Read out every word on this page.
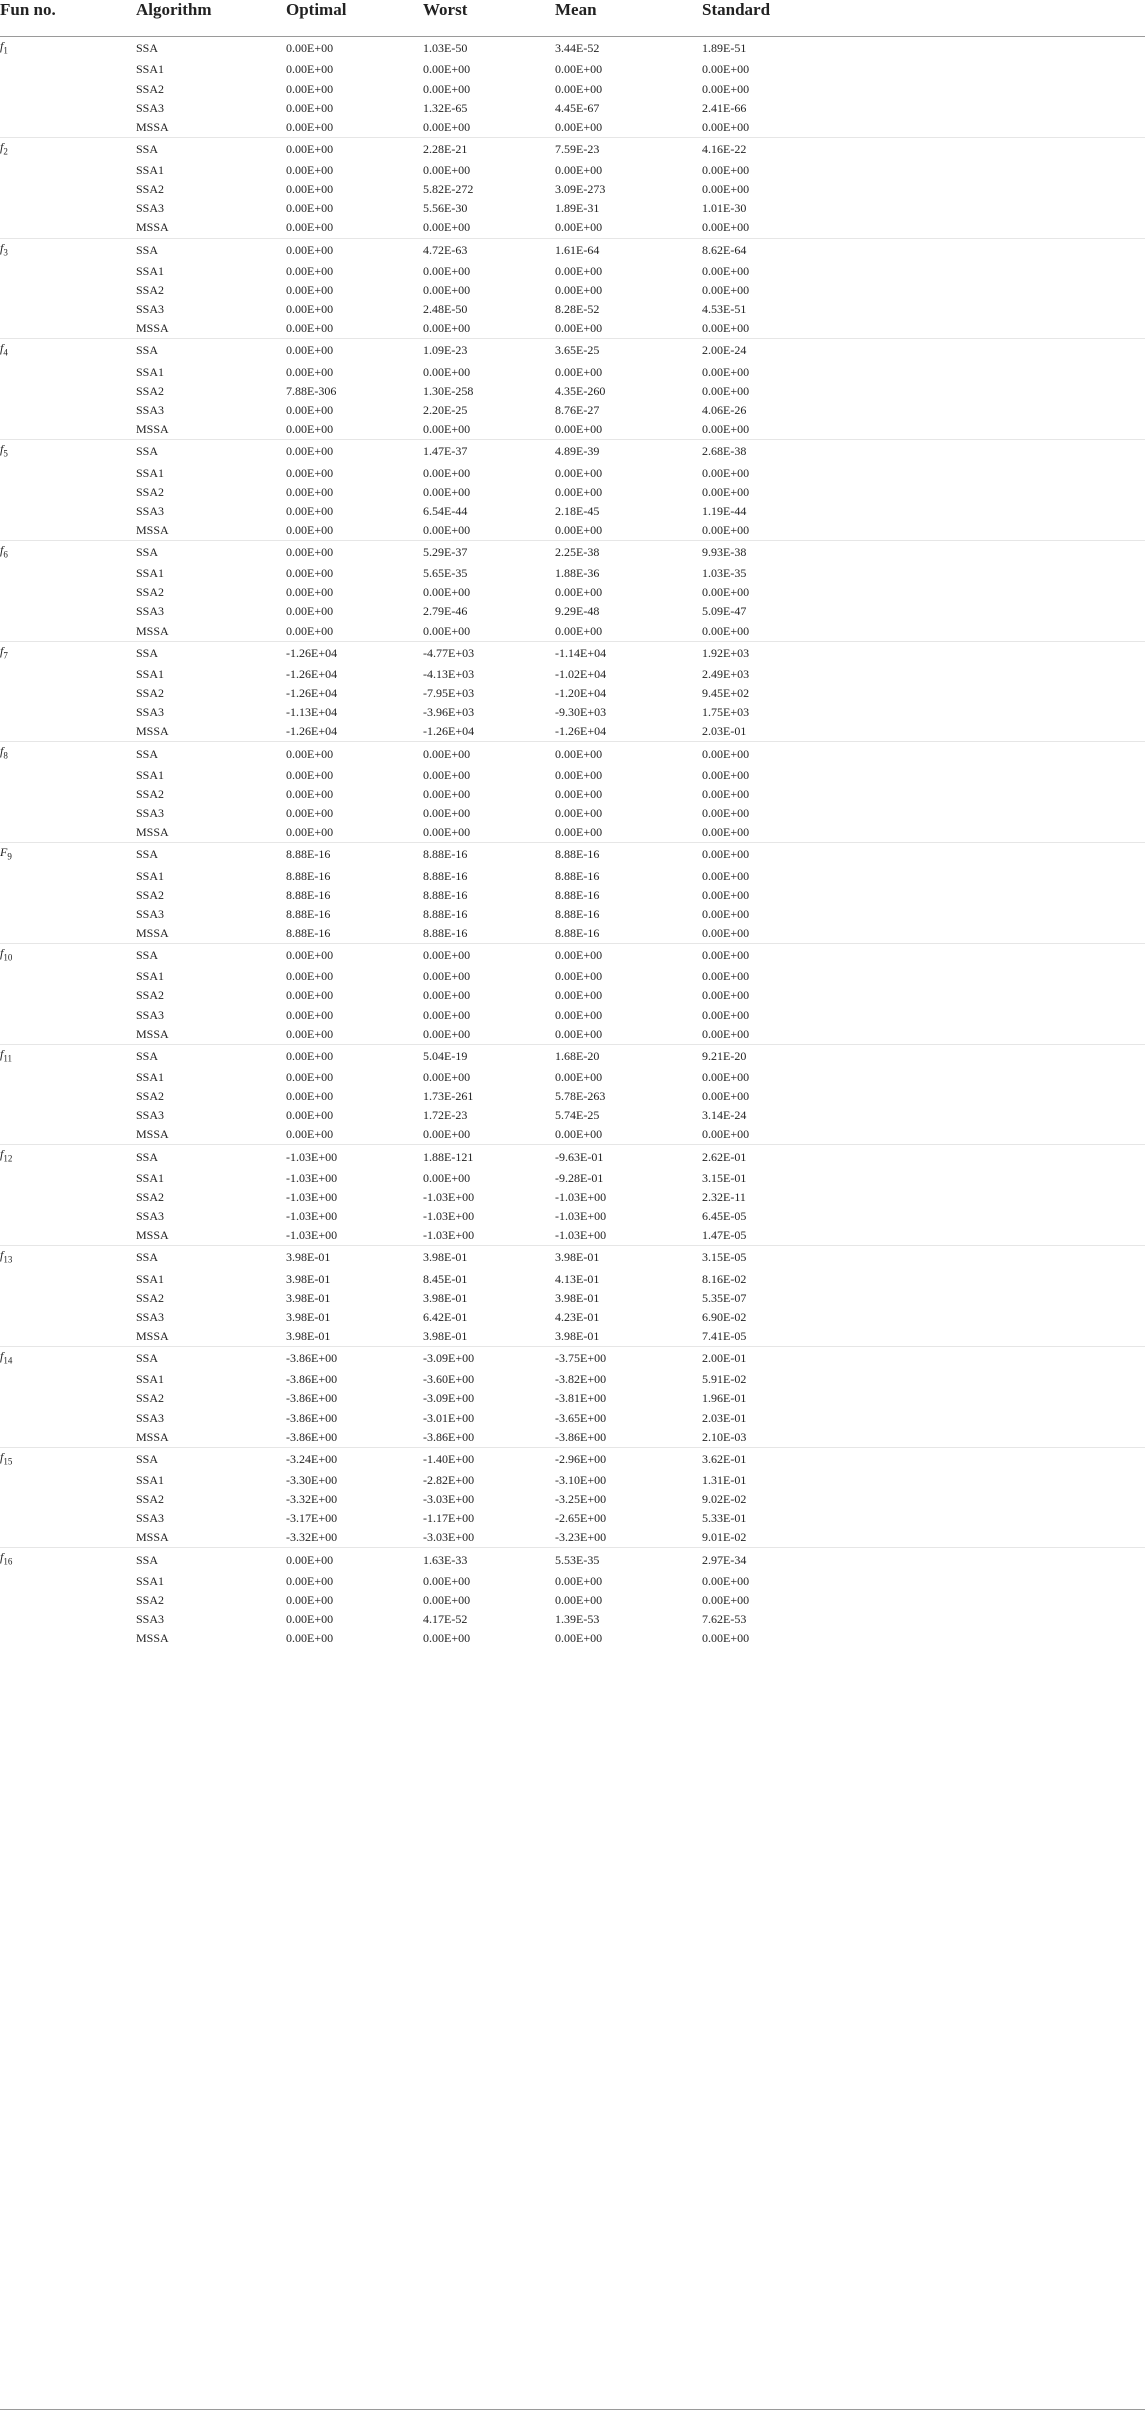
Fun no.	Algorithm	Optimal	Worst	Mean	Standard
$f_1$	SSA	0.00E+00	1.03E-50	3.44E-52	1.89E-51
	SSA1	0.00E+00	0.00E+00	0.00E+00	0.00E+00
	SSA2	0.00E+00	0.00E+00	0.00E+00	0.00E+00
	SSA3	0.00E+00	1.32E-65	4.45E-67	2.41E-66
	MSSA	0.00E+00	0.00E+00	0.00E+00	0.00E+00
$f_2$	SSA	0.00E+00	2.28E-21	7.59E-23	4.16E-22
	SSA1	0.00E+00	0.00E+00	0.00E+00	0.00E+00
	SSA2	0.00E+00	5.82E-272	3.09E-273	0.00E+00
	SSA3	0.00E+00	5.56E-30	1.89E-31	1.01E-30
	MSSA	0.00E+00	0.00E+00	0.00E+00	0.00E+00
$f_3$	SSA	0.00E+00	4.72E-63	1.61E-64	8.62E-64
	SSA1	0.00E+00	0.00E+00	0.00E+00	0.00E+00
	SSA2	0.00E+00	0.00E+00	0.00E+00	0.00E+00
	SSA3	0.00E+00	2.48E-50	8.28E-52	4.53E-51
	MSSA	0.00E+00	0.00E+00	0.00E+00	0.00E+00
$f_4$	SSA	0.00E+00	1.09E-23	3.65E-25	2.00E-24
	SSA1	0.00E+00	0.00E+00	0.00E+00	0.00E+00
	SSA2	7.88E-306	1.30E-258	4.35E-260	0.00E+00
	SSA3	0.00E+00	2.20E-25	8.76E-27	4.06E-26
	MSSA	0.00E+00	0.00E+00	0.00E+00	0.00E+00
$f_5$	SSA	0.00E+00	1.47E-37	4.89E-39	2.68E-38
	SSA1	0.00E+00	0.00E+00	0.00E+00	0.00E+00
	SSA2	0.00E+00	0.00E+00	0.00E+00	0.00E+00
	SSA3	0.00E+00	6.54E-44	2.18E-45	1.19E-44
	MSSA	0.00E+00	0.00E+00	0.00E+00	0.00E+00
$f_6$	SSA	0.00E+00	5.29E-37	2.25E-38	9.93E-38
	SSA1	0.00E+00	5.65E-35	1.88E-36	1.03E-35
	SSA2	0.00E+00	0.00E+00	0.00E+00	0.00E+00
	SSA3	0.00E+00	2.79E-46	9.29E-48	5.09E-47
	MSSA	0.00E+00	0.00E+00	0.00E+00	0.00E+00
$f_7$	SSA	-1.26E+04	-4.77E+03	-1.14E+04	1.92E+03
	SSA1	-1.26E+04	-4.13E+03	-1.02E+04	2.49E+03
	SSA2	-1.26E+04	-7.95E+03	-1.20E+04	9.45E+02
	SSA3	-1.13E+04	-3.96E+03	-9.30E+03	1.75E+03
	MSSA	-1.26E+04	-1.26E+04	-1.26E+04	2.03E-01
$f_8$	SSA	0.00E+00	0.00E+00	0.00E+00	0.00E+00
	SSA1	0.00E+00	0.00E+00	0.00E+00	0.00E+00
	SSA2	0.00E+00	0.00E+00	0.00E+00	0.00E+00
	SSA3	0.00E+00	0.00E+00	0.00E+00	0.00E+00
	MSSA	0.00E+00	0.00E+00	0.00E+00	0.00E+00
$F_9$	SSA	8.88E-16	8.88E-16	8.88E-16	0.00E+00
	SSA1	8.88E-16	8.88E-16	8.88E-16	0.00E+00
	SSA2	8.88E-16	8.88E-16	8.88E-16	0.00E+00
	SSA3	8.88E-16	8.88E-16	8.88E-16	0.00E+00
	MSSA	8.88E-16	8.88E-16	8.88E-16	0.00E+00
$f_{10}$	SSA	0.00E+00	0.00E+00	0.00E+00	0.00E+00
	SSA1	0.00E+00	0.00E+00	0.00E+00	0.00E+00
	SSA2	0.00E+00	0.00E+00	0.00E+00	0.00E+00
	SSA3	0.00E+00	0.00E+00	0.00E+00	0.00E+00
	MSSA	0.00E+00	0.00E+00	0.00E+00	0.00E+00
$f_{11}$	SSA	0.00E+00	5.04E-19	1.68E-20	9.21E-20
	SSA1	0.00E+00	0.00E+00	0.00E+00	0.00E+00
	SSA2	0.00E+00	1.73E-261	5.78E-263	0.00E+00
	SSA3	0.00E+00	1.72E-23	5.74E-25	3.14E-24
	MSSA	0.00E+00	0.00E+00	0.00E+00	0.00E+00
$f_{12}$	SSA	-1.03E+00	1.88E-121	-9.63E-01	2.62E-01
	SSA1	-1.03E+00	0.00E+00	-9.28E-01	3.15E-01
	SSA2	-1.03E+00	-1.03E+00	-1.03E+00	2.32E-11
	SSA3	-1.03E+00	-1.03E+00	-1.03E+00	6.45E-05
	MSSA	-1.03E+00	-1.03E+00	-1.03E+00	1.47E-05
$f_{13}$	SSA	3.98E-01	3.98E-01	3.98E-01	3.15E-05
	SSA1	3.98E-01	8.45E-01	4.13E-01	8.16E-02
	SSA2	3.98E-01	3.98E-01	3.98E-01	5.35E-07
	SSA3	3.98E-01	6.42E-01	4.23E-01	6.90E-02
	MSSA	3.98E-01	3.98E-01	3.98E-01	7.41E-05
$f_{14}$	SSA	-3.86E+00	-3.09E+00	-3.75E+00	2.00E-01
	SSA1	-3.86E+00	-3.60E+00	-3.82E+00	5.91E-02
	SSA2	-3.86E+00	-3.09E+00	-3.81E+00	1.96E-01
	SSA3	-3.86E+00	-3.01E+00	-3.65E+00	2.03E-01
	MSSA	-3.86E+00	-3.86E+00	-3.86E+00	2.10E-03
$f_{15}$	SSA	-3.24E+00	-1.40E+00	-2.96E+00	3.62E-01
	SSA1	-3.30E+00	-2.82E+00	-3.10E+00	1.31E-01
	SSA2	-3.32E+00	-3.03E+00	-3.25E+00	9.02E-02
	SSA3	-3.17E+00	-1.17E+00	-2.65E+00	5.33E-01
	MSSA	-3.32E+00	-3.03E+00	-3.23E+00	9.01E-02
$f_{16}$	SSA	0.00E+00	1.63E-33	5.53E-35	2.97E-34
	SSA1	0.00E+00	0.00E+00	0.00E+00	0.00E+00
	SSA2	0.00E+00	0.00E+00	0.00E+00	0.00E+00
	SSA3	0.00E+00	4.17E-52	1.39E-53	7.62E-53
	MSSA	0.00E+00	0.00E+00	0.00E+00	0.00E+00
